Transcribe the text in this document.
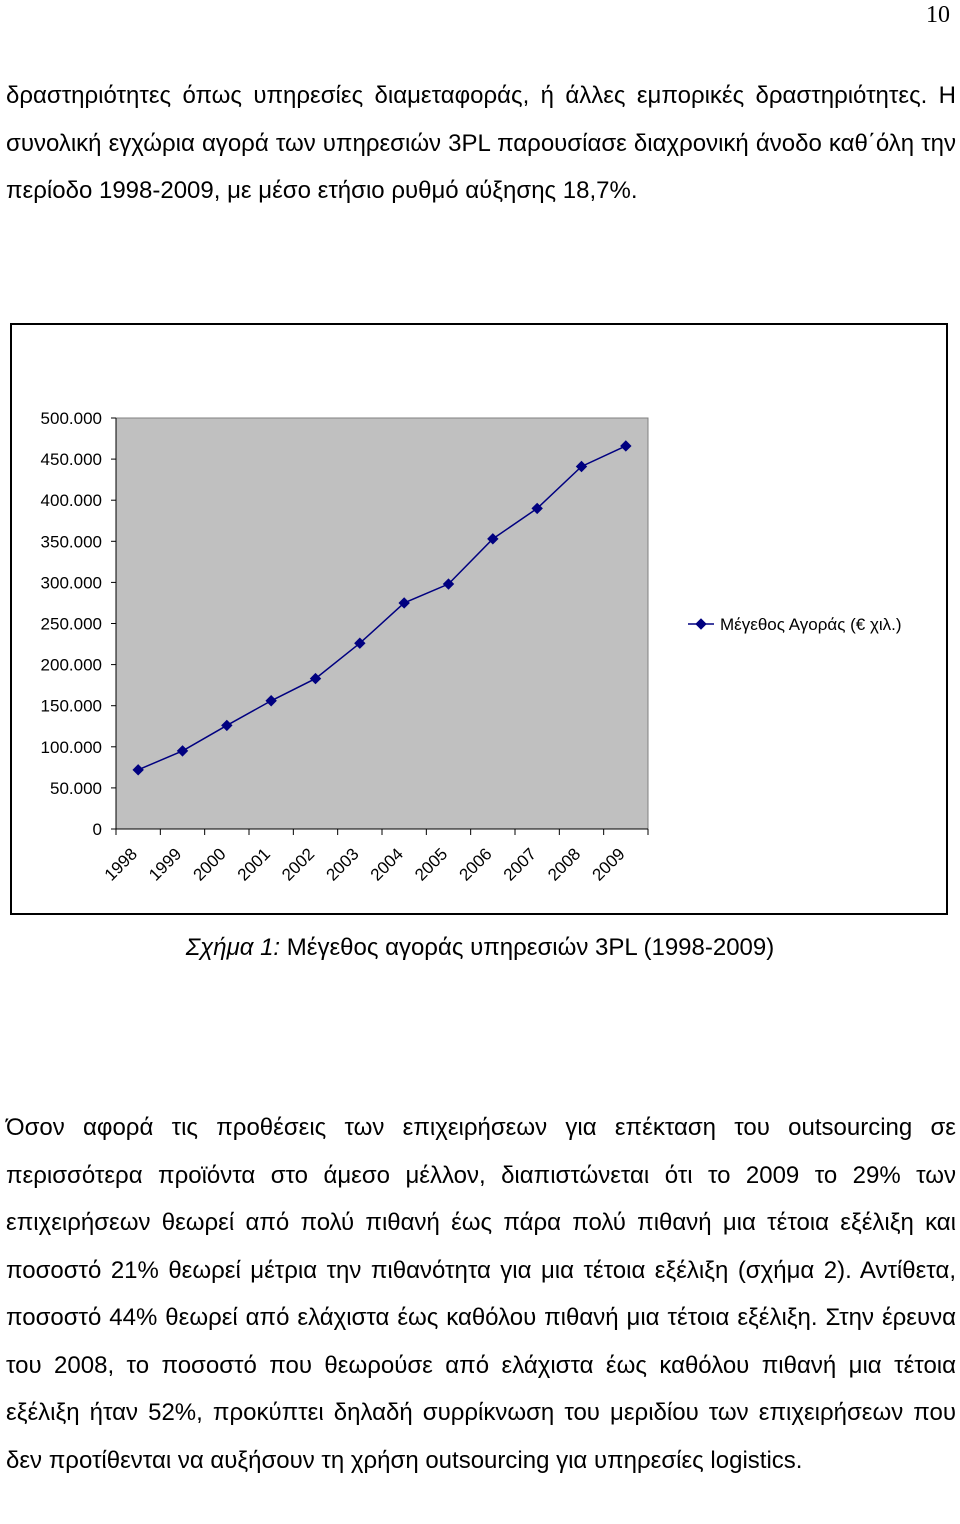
10

δραστηριότητες όπως υπηρεσίες διαμεταφοράς, ή άλλες εμπορικές δραστηριότητες. Η συνολική εγχώρια αγορά των υπηρεσιών 3PL παρουσίασε διαχρονική άνοδο καθ΄όλη την περίοδο 1998-2009, με μέσο ετήσιο ρυθμό αύξησης 18,7%.

0
50.000
100.000
150.000
200.000
250.000
300.000
350.000
400.000
450.000
500.000
1998 1999 2000 2001 2002 2003 2004 2005 2006 2007 2008 2009
Μέγεθος Αγοράς (€ χιλ.)
Σχήμα 1: Μέγεθος αγοράς υπηρεσιών 3PL (1998-2009)

Όσον αφορά τις προθέσεις των επιχειρήσεων για επέκταση του outsourcing σε περισσότερα προϊόντα στο άμεσο μέλλον, διαπιστώνεται ότι το 2009 το 29% των επιχειρήσεων θεωρεί από πολύ πιθανή έως πάρα πολύ πιθανή μια τέτοια εξέλιξη και ποσοστό 21% θεωρεί μέτρια την πιθανότητα για μια τέτοια εξέλιξη (σχήμα 2). Αντίθετα, ποσοστό 44% θεωρεί από ελάχιστα έως καθόλου πιθανή μια τέτοια εξέλιξη. Στην έρευνα του 2008, το ποσοστό που θεωρούσε από ελάχιστα έως καθόλου πιθανή μια τέτοια εξέλιξη ήταν 52%, προκύπτει δηλαδή συρρίκνωση του μεριδίου των επιχειρήσεων που δεν προτίθενται να αυξήσουν τη χρήση outsourcing για υπηρεσίες logistics.
